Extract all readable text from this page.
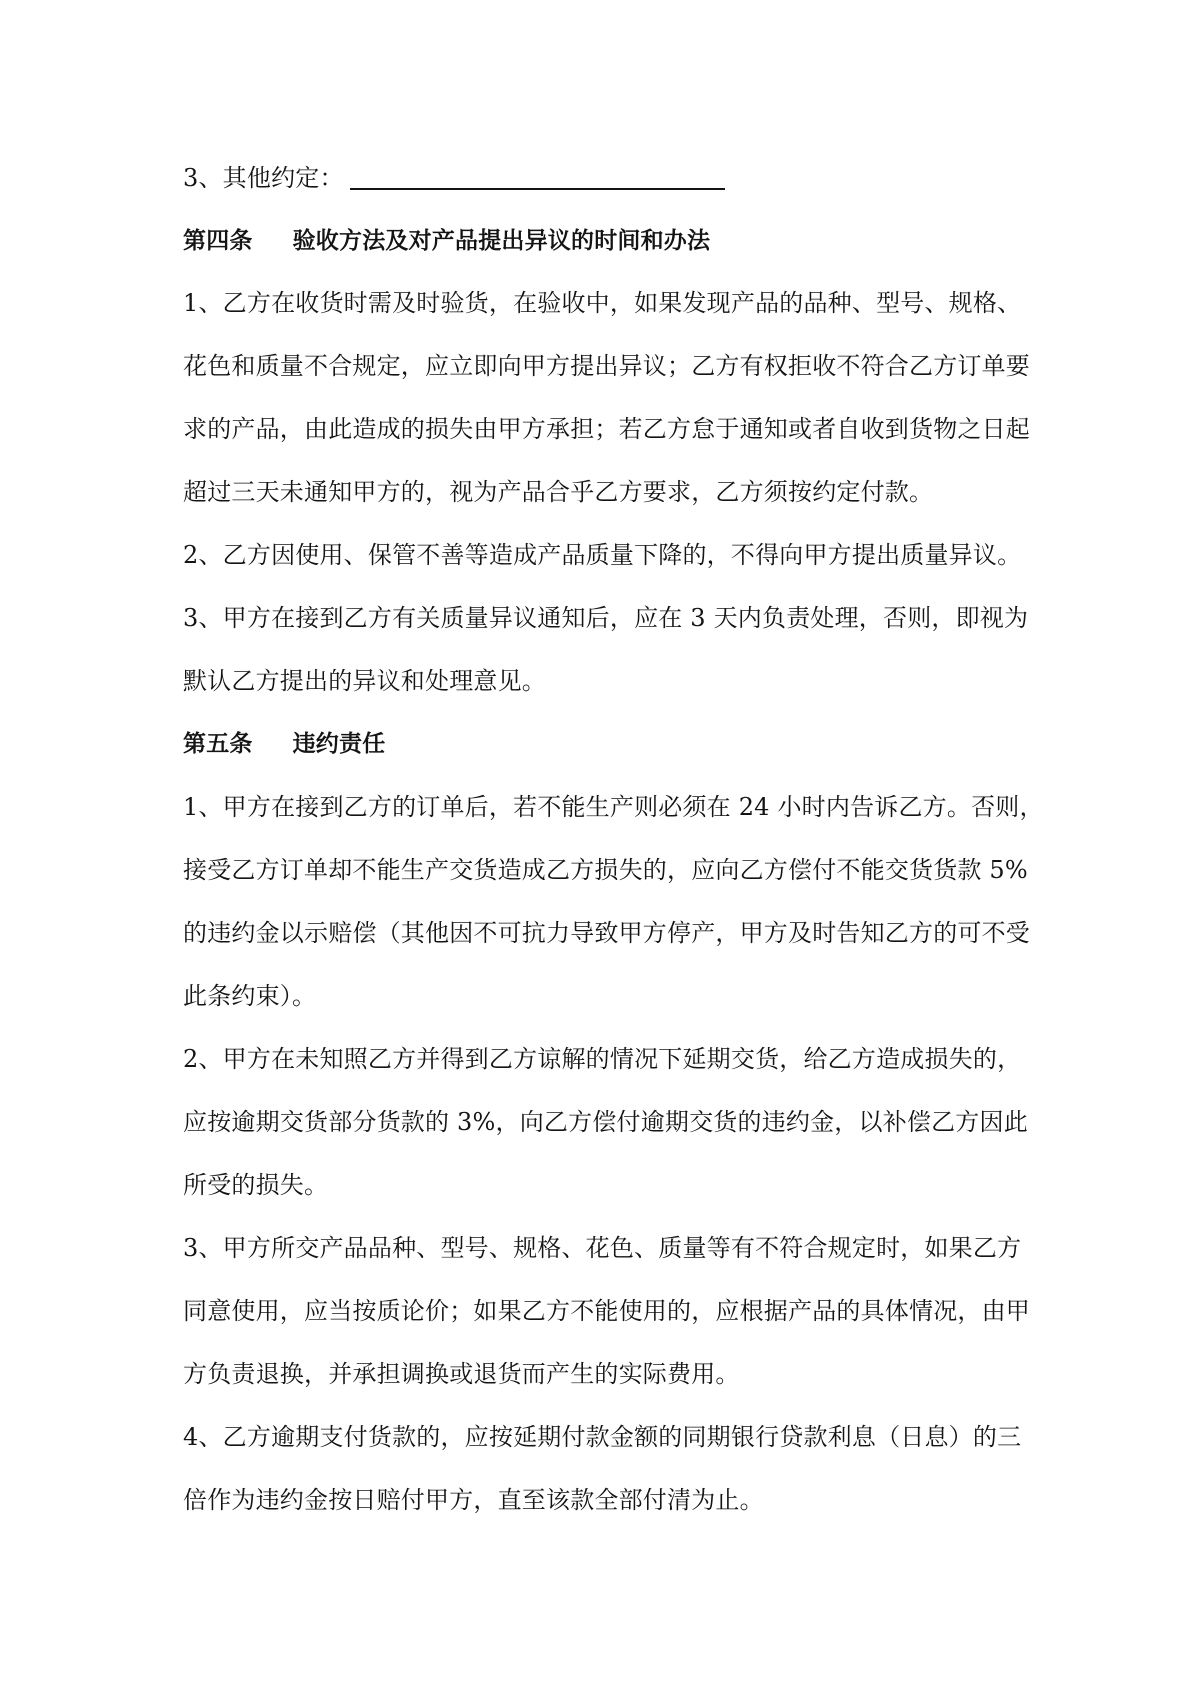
3、其他约定：
第四条 验收方法及对产品提出异议的时间和办法
1、乙方在收货时需及时验货，在验收中，如果发现产品的品种、型号、规格、
花色和质量不合规定，应立即向甲方提出异议；乙方有权拒收不符合乙方订单要
求的产品，由此造成的损失由甲方承担；若乙方怠于通知或者自收到货物之日起
超过三天未通知甲方的，视为产品合乎乙方要求，乙方须按约定付款。
2、乙方因使用、保管不善等造成产品质量下降的，不得向甲方提出质量异议。
3、甲方在接到乙方有关质量异议通知后，应在 3 天内负责处理，否则，即视为
默认乙方提出的异议和处理意见。
第五条 违约责任
1、甲方在接到乙方的订单后，若不能生产则必须在 24 小时内告诉乙方。否则，
接受乙方订单却不能生产交货造成乙方损失的，应向乙方偿付不能交货货款 5%
的违约金以示赔偿（其他因不可抗力导致甲方停产，甲方及时告知乙方的可不受
此条约束）。
2、甲方在未知照乙方并得到乙方谅解的情况下延期交货，给乙方造成损失的，
应按逾期交货部分货款的 3%，向乙方偿付逾期交货的违约金，以补偿乙方因此
所受的损失。
3、甲方所交产品品种、型号、规格、花色、质量等有不符合规定时，如果乙方
同意使用，应当按质论价；如果乙方不能使用的，应根据产品的具体情况，由甲
方负责退换，并承担调换或退货而产生的实际费用。
4、乙方逾期支付货款的，应按延期付款金额的同期银行贷款利息（日息）的三
倍作为违约金按日赔付甲方，直至该款全部付清为止。
